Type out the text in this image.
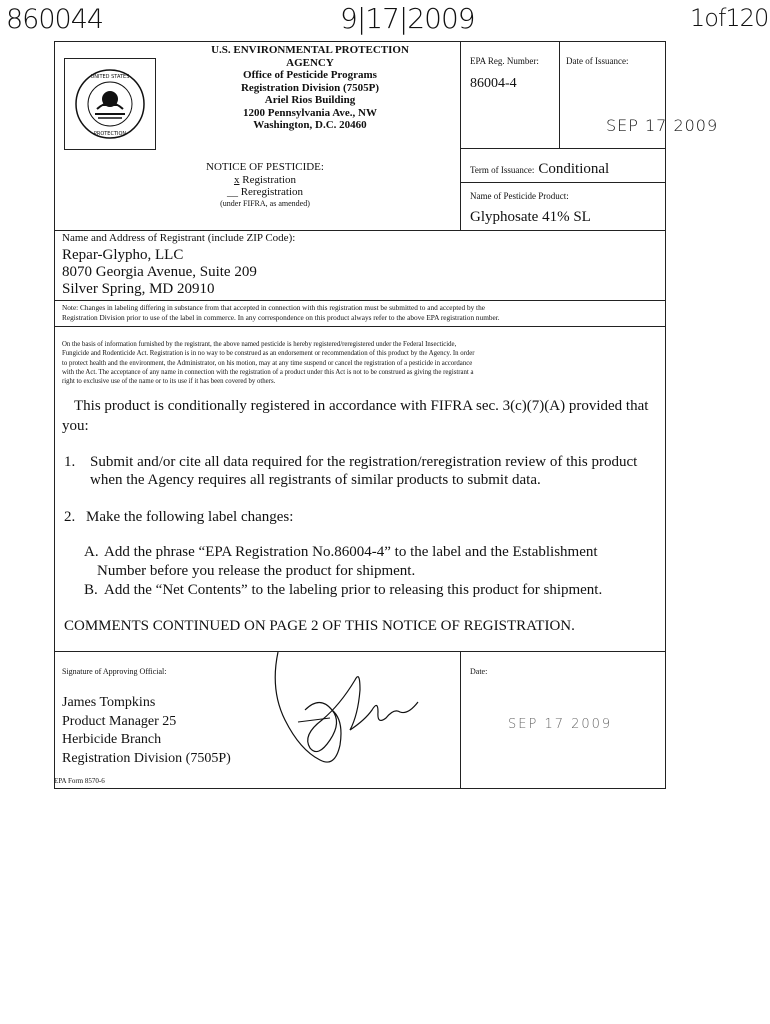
860044	9|17|2009	1of120
UNITED STATES
PROTECTION
U.S. ENVIRONMENTAL PROTECTION
AGENCY
Office of Pesticide Programs
Registration Division (7505P)
Ariel Rios Building
1200 Pennsylvania Ave., NW
Washington, D.C. 20460
NOTICE OF PESTICIDE:
x Registration
__ Reregistration
(under FIFRA, as amended)
EPA Reg. Number:
86004-4
Date of Issuance:
SEP 17 2009
Term of Issuance: Conditional
Name of Pesticide Product:
Glyphosate 41% SL
Name and Address of Registrant (include ZIP Code):
Repar-Glypho, LLC
8070 Georgia Avenue, Suite 209
Silver Spring, MD 20910
Note: Changes in labeling differing in substance from that accepted in connection with this registration must be submitted to and accepted by the
Registration Division prior to use of the label in commerce. In any correspondence on this product always refer to the above EPA registration number.
On the basis of information furnished by the registrant, the above named pesticide is hereby registered/reregistered under the Federal Insecticide,
Fungicide and Rodenticide Act. Registration is in no way to be construed as an endorsement or recommendation of this product by the Agency. In order
to protect health and the environment, the Administrator, on his motion, may at any time suspend or cancel the registration of a pesticide in accordance
with the Act. The acceptance of any name in connection with the registration of a product under this Act is not to be construed as giving the registrant a
right to exclusive use of the name or to its use if it has been covered by others.
This product is conditionally registered in accordance with FIFRA sec. 3(c)(7)(A) provided that
you:
1. Submit and/or cite all data required for the registration/reregistration review of this product
when the Agency requires all registrants of similar products to submit data.
2. Make the following label changes:
A. Add the phrase “EPA Registration No.86004-4” to the label and the Establishment
Number before you release the product for shipment.
B. Add the “Net Contents” to the labeling prior to releasing this product for shipment.
COMMENTS CONTINUED ON PAGE 2 OF THIS NOTICE OF REGISTRATION.
Signature of Approving Official:
James Tompkins
Product Manager 25
Herbicide Branch
Registration Division (7505P)
Date:
SEP 17 2009
EPA Form 8570-6
